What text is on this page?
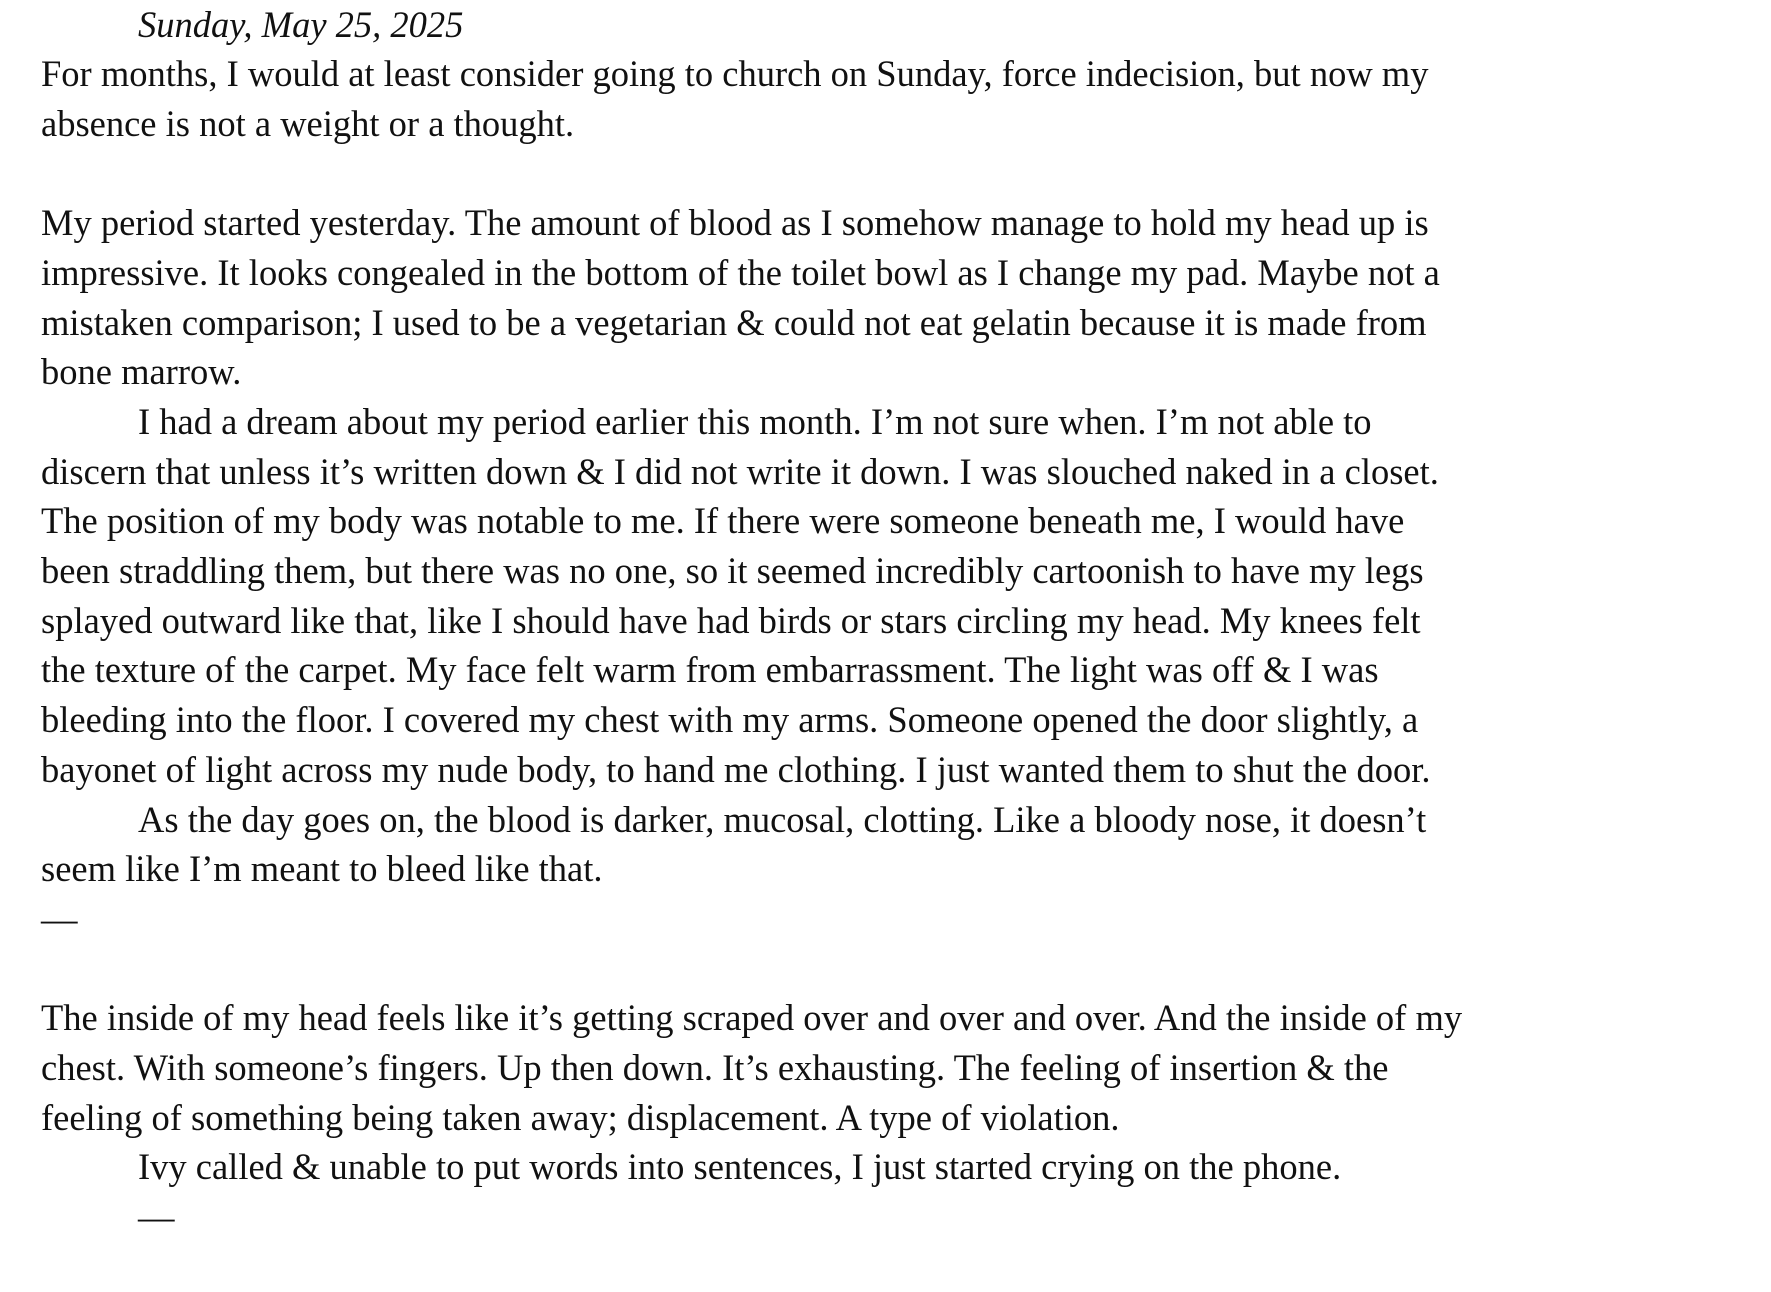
Sunday, May 25, 2025

For months, I would at least consider going to church on Sunday, force indecision, but now my absence is not a weight or a thought.

My period started yesterday. The amount of blood as I somehow manage to hold my head up is impressive. It looks congealed in the bottom of the toilet bowl as I change my pad. Maybe not a mistaken comparison; I used to be a vegetarian & could not eat gelatin because it is made from bone marrow.

I had a dream about my period earlier this month. I’m not sure when. I’m not able to discern that unless it’s written down & I did not write it down. I was slouched naked in a closet. The position of my body was notable to me. If there were someone beneath me, I would have been straddling them, but there was no one, so it seemed incredibly cartoonish to have my legs splayed outward like that, like I should have had birds or stars circling my head. My knees felt the texture of the carpet. My face felt warm from embarrassment. The light was off & I was bleeding into the floor. I covered my chest with my arms. Someone opened the door slightly, a bayonet of light across my nude body, to hand me clothing. I just wanted them to shut the door.

As the day goes on, the blood is darker, mucosal, clotting. Like a bloody nose, it doesn’t seem like I’m meant to bleed like that.

—

The inside of my head feels like it’s getting scraped over and over and over. And the inside of my chest. With someone’s fingers. Up then down. It’s exhausting. The feeling of insertion & the feeling of something being taken away; displacement. A type of violation.

Ivy called & unable to put words into sentences, I just started crying on the phone.

—
